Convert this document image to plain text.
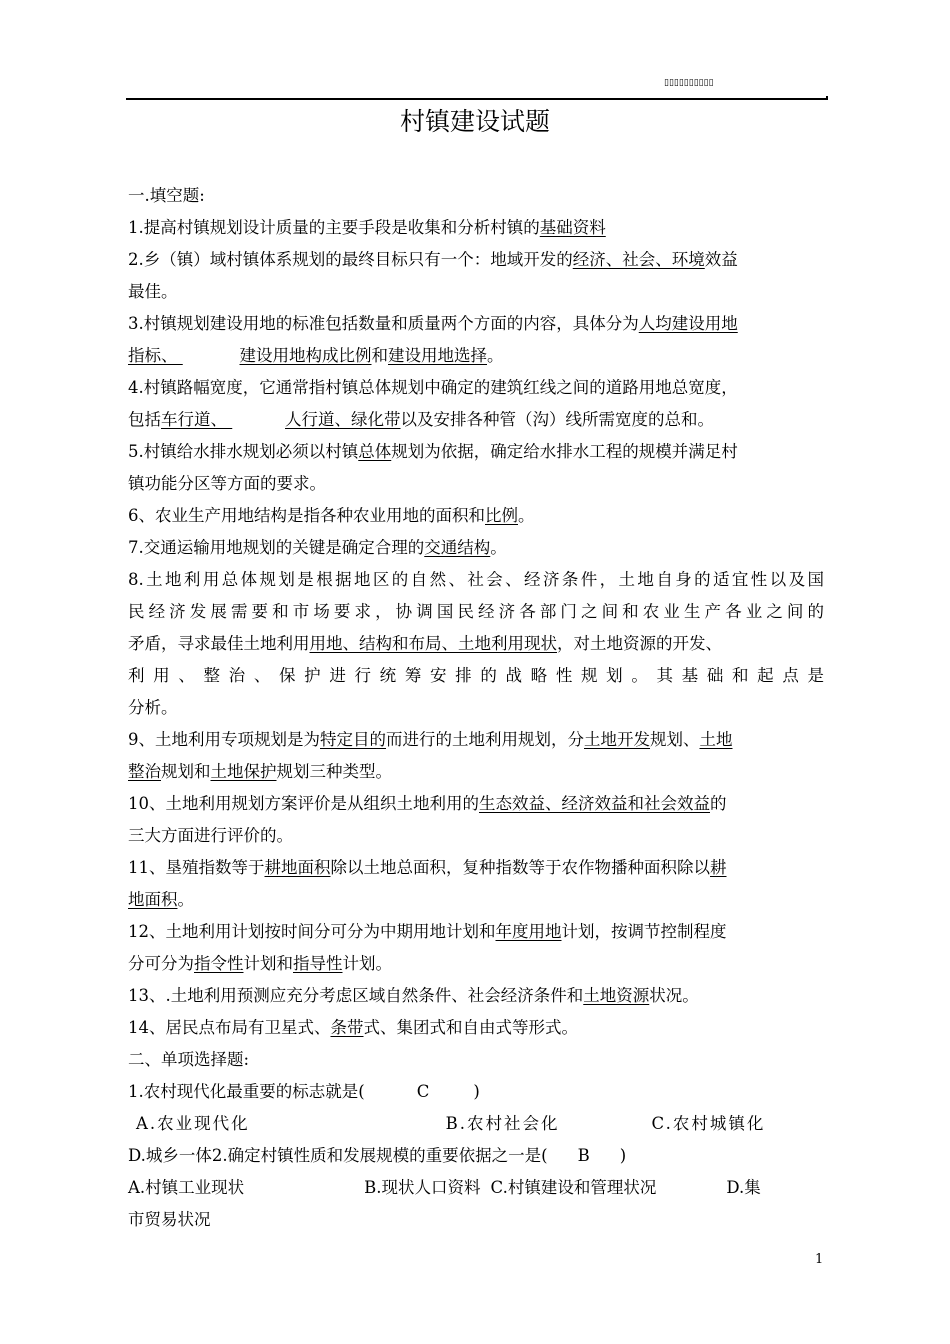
▯▯▯▯▯▯▯▯▯▯
村镇建设试题
一.填空题:
1.提高村镇规划设计质量的主要手段是收集和分析村镇的基础资料
2.乡（镇）域村镇体系规划的最终目标只有一个：地域开发的经济、社会、环境效益
最佳。
3.村镇规划建设用地的标准包括数量和质量两个方面的内容，具体分为人均建设用地
指标、	建设用地构成比例和建设用地选择。
4.村镇路幅宽度，它通常指村镇总体规划中确定的建筑红线之间的道路用地总宽度，
包括车行道、	人行道、绿化带以及安排各种管（沟）线所需宽度的总和。
5.村镇给水排水规划必须以村镇总体规划为依据，确定给水排水工程的规模并满足村
镇功能分区等方面的要求。
6、农业生产用地结构是指各种农业用地的面积和比例。
7.交通运输用地规划的关键是确定合理的交通结构。
8.土地利用总体规划是根据地区的自然、社会、经济条件，土地自身的适宜性以及国
民经济发展需要和市场要求，协调国民经济各部门之间和农业生产各业之间的
矛盾，寻求最佳土地利用用地、结构和布局、土地利用现状，对土地资源的开发、
利 用 、 整 治 、 保 护 进 行 统 筹 安 排 的 战 略 性 规 划 。 其 基 础 和 起 点 是
分析。
9、土地利用专项规划是为特定目的而进行的土地利用规划，分土地开发规划、土地
整治规划和土地保护规划三种类型。
10、土地利用规划方案评价是从组织土地利用的生态效益、经济效益和社会效益的
三大方面进行评价的。
11、垦殖指数等于耕地面积除以土地总面积，复种指数等于农作物播种面积除以耕
地面积。
12、土地利用计划按时间分可分为中期用地计划和年度用地计划，按调节控制程度
分可分为指令性计划和指导性计划。
13、.土地利用预测应充分考虑区域自然条件、社会经济条件和土地资源状况。
14、居民点布局有卫星式、条带式、集团式和自由式等形式。
二、单项选择题:
1.农村现代化最重要的标志就是(	C	)
A.农业现代化	B.农村社会化	C.农村城镇化
D.城乡一体2.确定村镇性质和发展规模的重要依据之一是( B )
A.村镇工业现状	B.现状人口资料 C.村镇建设和管理状况	D.集
市贸易状况
1
